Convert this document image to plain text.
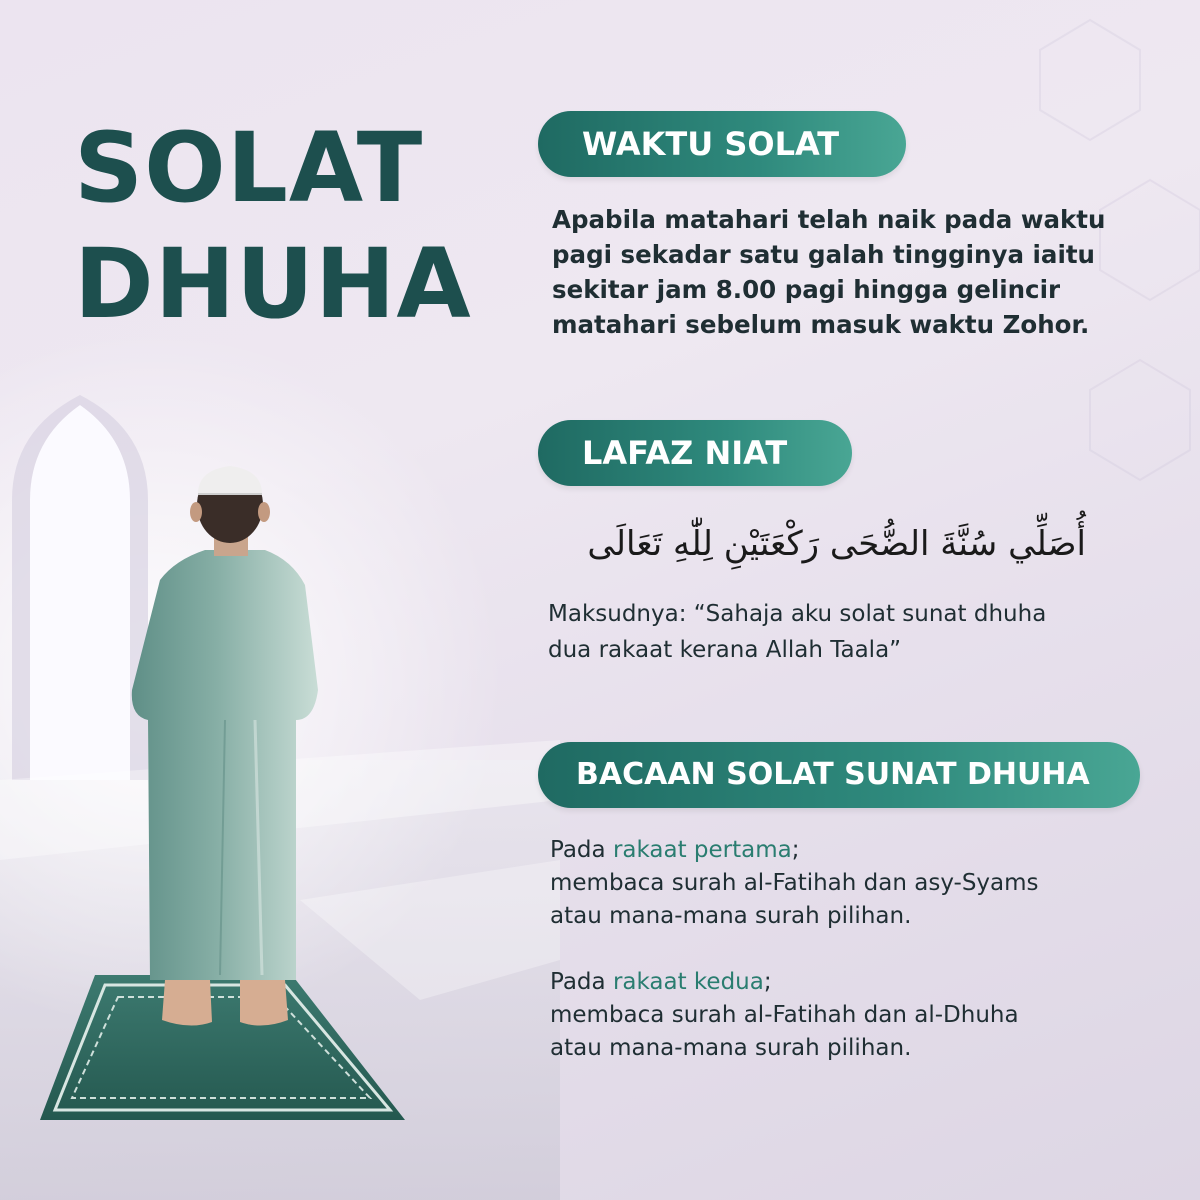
SOLAT
DHUHA
WAKTU SOLAT
Apabila matahari telah naik pada waktu
pagi sekadar satu galah tingginya iaitu
sekitar jam 8.00 pagi hingga gelincir
matahari sebelum masuk waktu Zohor.
LAFAZ NIAT
أُصَلِّي سُنَّةَ الضُّحَى رَكْعَتَيْنِ لِلّٰهِ تَعَالَى
Maksudnya: “Sahaja aku solat sunat dhuha
dua rakaat kerana Allah Taala”
BACAAN SOLAT SUNAT DHUHA
Pada rakaat pertama;
membaca surah al-Fatihah dan asy-Syams
atau mana-mana surah pilihan.
Pada rakaat kedua;
membaca surah al-Fatihah dan al-Dhuha
atau mana-mana surah pilihan.
